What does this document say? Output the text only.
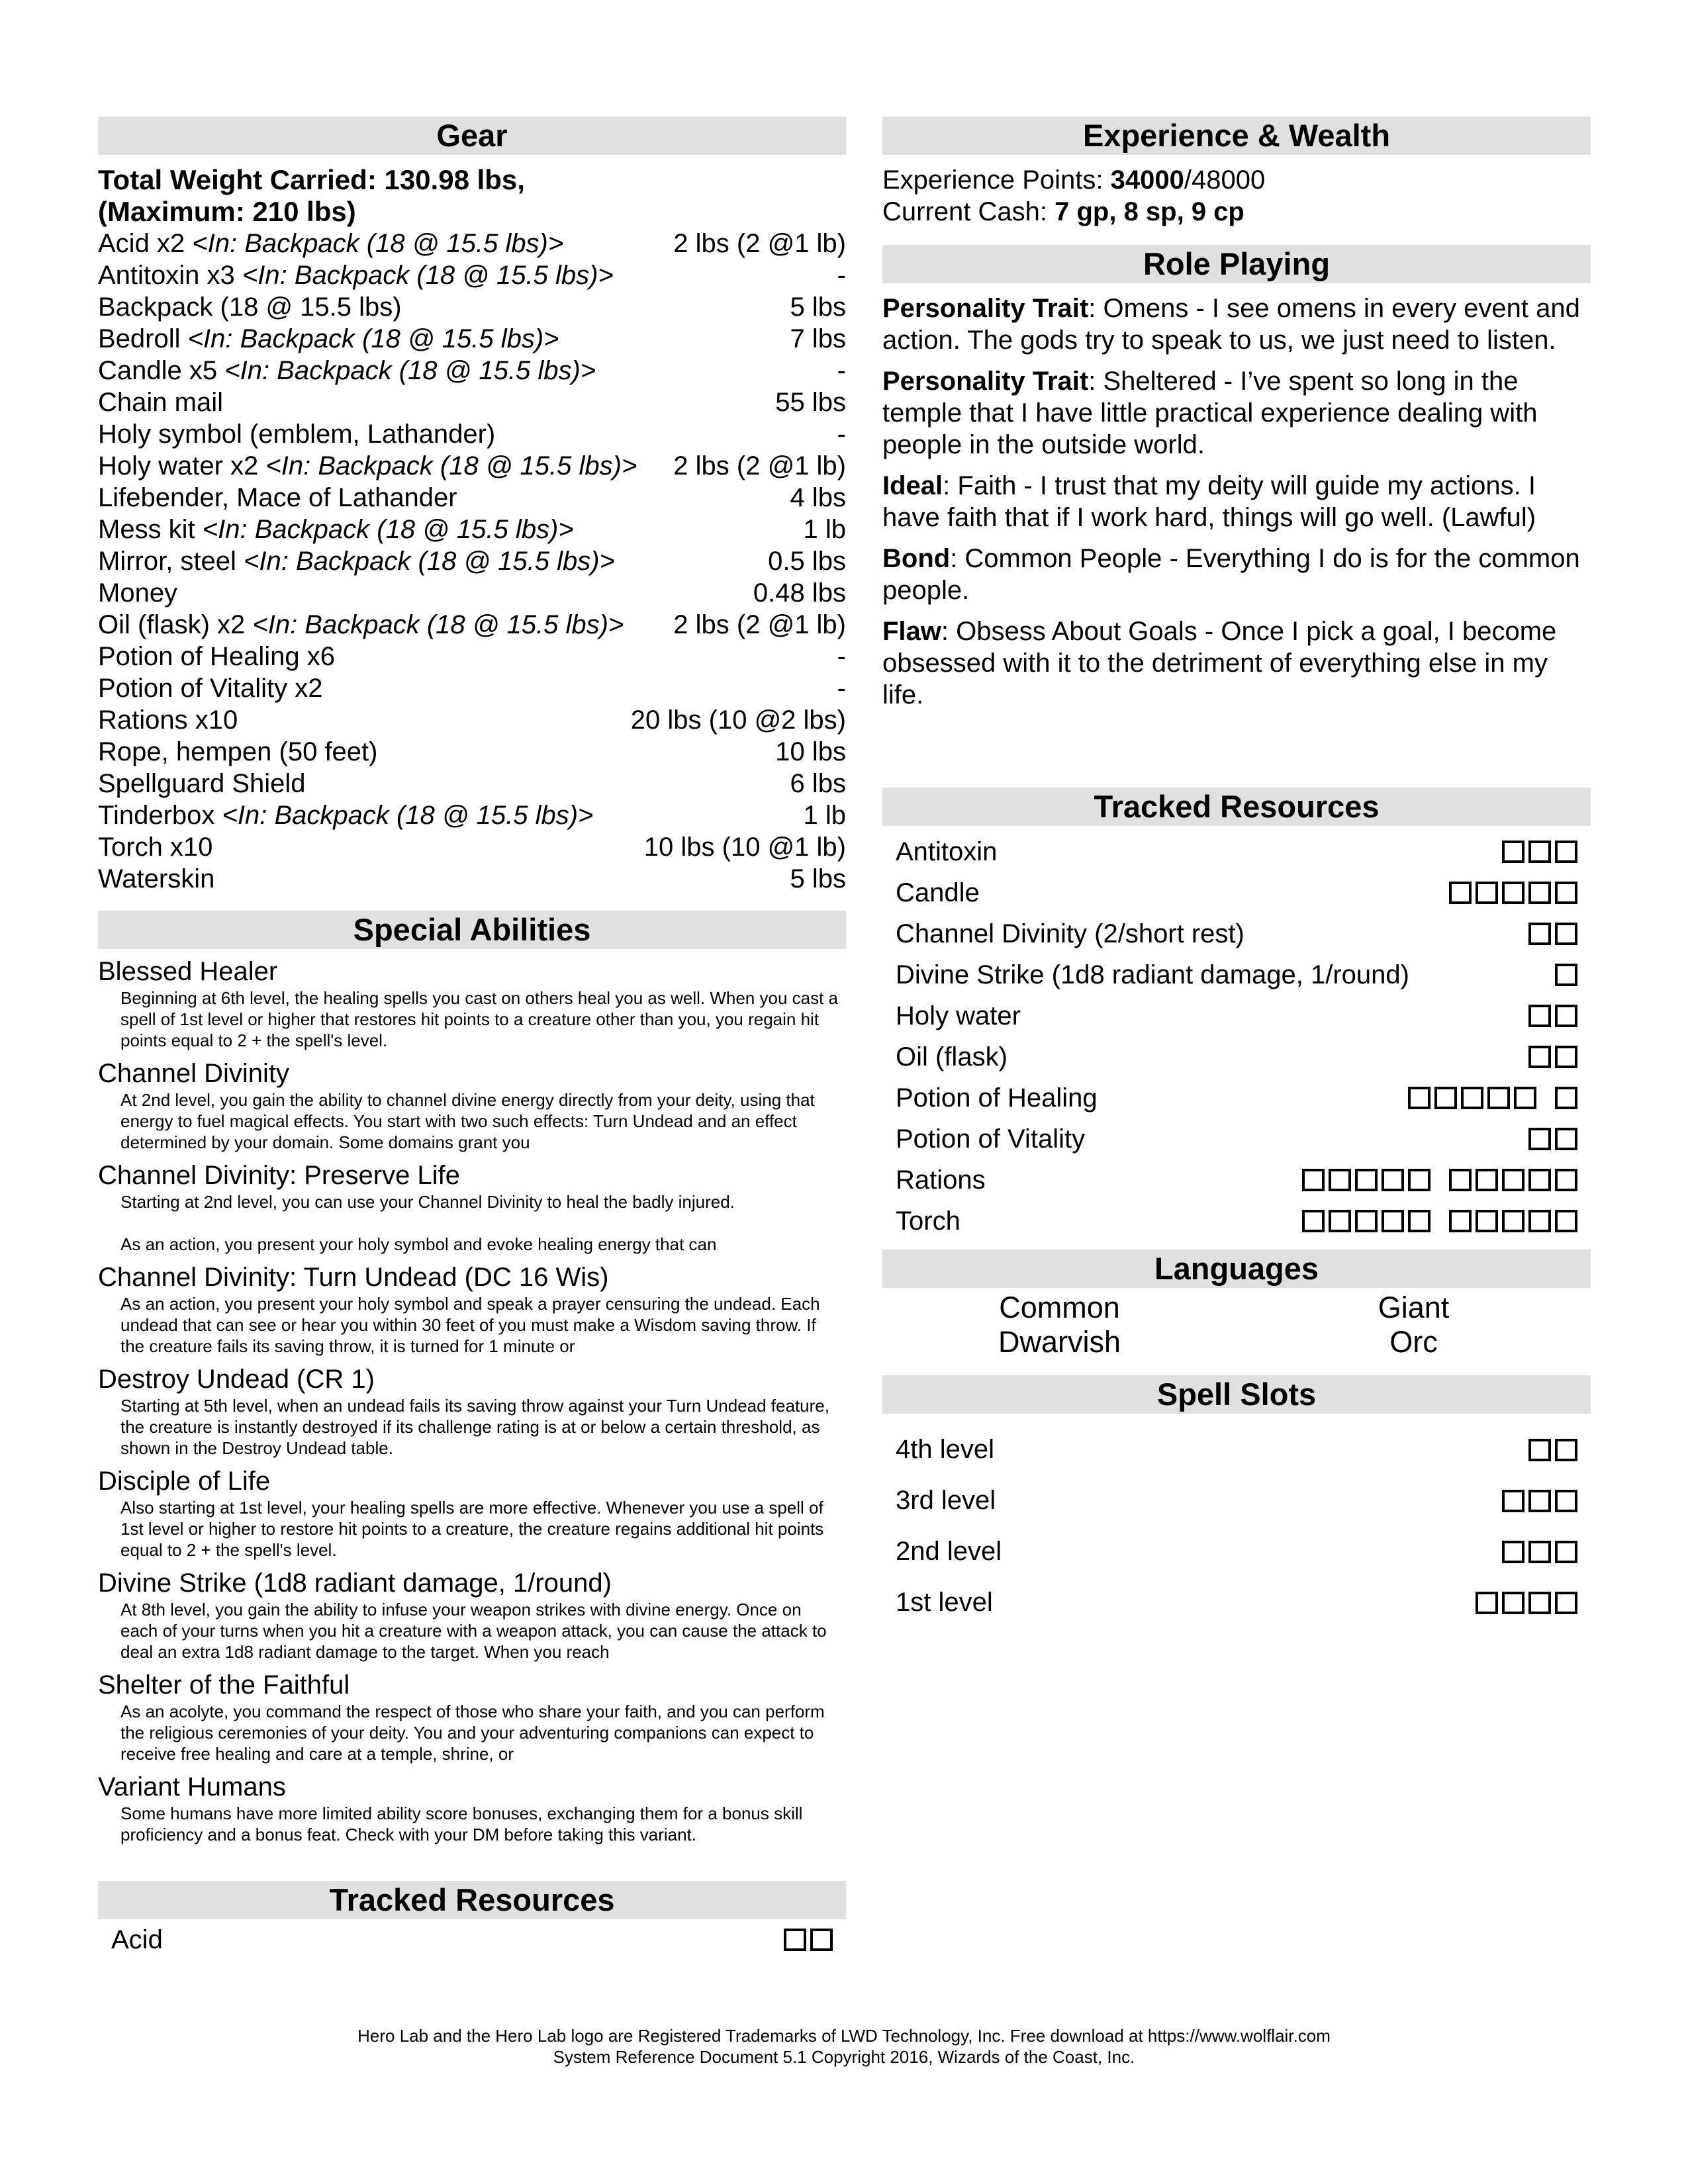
Gear
Total Weight Carried: 130.98 lbs,
(Maximum: 210 lbs)
Acid x2 <In: Backpack (18 @ 15.5 lbs)>	2 lbs (2 @1 lb)
Antitoxin x3 <In: Backpack (18 @ 15.5 lbs)>	-
Backpack (18 @ 15.5 lbs)	5 lbs
Bedroll <In: Backpack (18 @ 15.5 lbs)>	7 lbs
Candle x5 <In: Backpack (18 @ 15.5 lbs)>	-
Chain mail	55 lbs
Holy symbol (emblem, Lathander)	-
Holy water x2 <In: Backpack (18 @ 15.5 lbs)> 2 lbs (2 @1 lb)
Lifebender, Mace of Lathander	4 lbs
Mess kit <In: Backpack (18 @ 15.5 lbs)>	1 lb
Mirror, steel <In: Backpack (18 @ 15.5 lbs)>	0.5 lbs
Money	0.48 lbs
Oil (flask) x2 <In: Backpack (18 @ 15.5 lbs)> 2 lbs (2 @1 lb)
Potion of Healing x6	-
Potion of Vitality x2	-
Rations x10	20 lbs (10 @2 lbs)
Rope, hempen (50 feet)	10 lbs
Spellguard Shield	6 lbs
Tinderbox <In: Backpack (18 @ 15.5 lbs)>	1 lb
Torch x10	10 lbs (10 @1 lb)
Waterskin	5 lbs
Special Abilities
Blessed Healer
Beginning at 6th level, the healing spells you cast on others heal you as well. When you cast a spell of 1st level or higher that restores hit points to a creature other than you, you regain hit points equal to 2 + the spell's level.
Channel Divinity
At 2nd level, you gain the ability to channel divine energy directly from your deity, using that energy to fuel magical effects. You start with two such effects: Turn Undead and an effect determined by your domain. Some domains grant you
Channel Divinity: Preserve Life
Starting at 2nd level, you can use your Channel Divinity to heal the badly injured.

As an action, you present your holy symbol and evoke healing energy that can
Channel Divinity: Turn Undead (DC 16 Wis)
As an action, you present your holy symbol and speak a prayer censuring the undead. Each undead that can see or hear you within 30 feet of you must make a Wisdom saving throw. If the creature fails its saving throw, it is turned for 1 minute or
Destroy Undead (CR 1)
Starting at 5th level, when an undead fails its saving throw against your Turn Undead feature, the creature is instantly destroyed if its challenge rating is at or below a certain threshold, as shown in the Destroy Undead table.
Disciple of Life
Also starting at 1st level, your healing spells are more effective. Whenever you use a spell of 1st level or higher to restore hit points to a creature, the creature regains additional hit points equal to 2 + the spell's level.
Divine Strike (1d8 radiant damage, 1/round)
At 8th level, you gain the ability to infuse your weapon strikes with divine energy. Once on each of your turns when you hit a creature with a weapon attack, you can cause the attack to deal an extra 1d8 radiant damage to the target. When you reach
Shelter of the Faithful
As an acolyte, you command the respect of those who share your faith, and you can perform the religious ceremonies of your deity. You and your adventuring companions can expect to receive free healing and care at a temple, shrine, or
Variant Humans
Some humans have more limited ability score bonuses, exchanging them for a bonus skill proficiency and a bonus feat. Check with your DM before taking this variant.
Tracked Resources
Acid
Experience & Wealth
Experience Points: 34000/48000
Current Cash: 7 gp, 8 sp, 9 cp
Role Playing
Personality Trait: Omens - I see omens in every event and action. The gods try to speak to us, we just need to listen.
Personality Trait: Sheltered - I’ve spent so long in the temple that I have little practical experience dealing with people in the outside world.
Ideal: Faith - I trust that my deity will guide my actions. I have faith that if I work hard, things will go well. (Lawful)
Bond: Common People - Everything I do is for the common people.
Flaw: Obsess About Goals - Once I pick a goal, I become obsessed with it to the detriment of everything else in my life.
Tracked Resources
Antitoxin
Candle
Channel Divinity (2/short rest)
Divine Strike (1d8 radiant damage, 1/round)
Holy water
Oil (flask)
Potion of Healing
Potion of Vitality
Rations
Torch
Languages
Common	Giant
Dwarvish	Orc
Spell Slots
4th level
3rd level
2nd level
1st level
Hero Lab and the Hero Lab logo are Registered Trademarks of LWD Technology, Inc. Free download at https://www.wolflair.com
System Reference Document 5.1 Copyright 2016, Wizards of the Coast, Inc.
